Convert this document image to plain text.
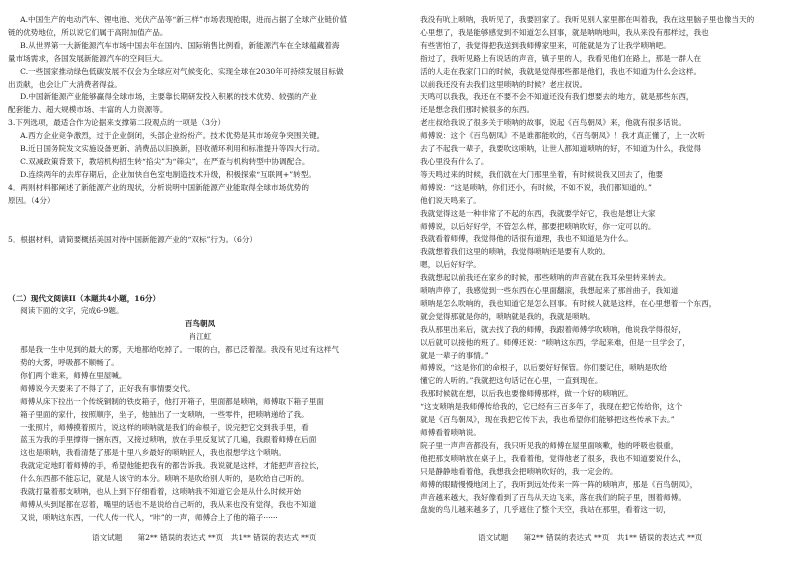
A.中国生产的电动汽车、锂电池、光伏产品等“新三样”市场表现抢眼，进而占据了全球产业链价值

链的优势地位，所以说它们属于高附加值产品。

B.从世界第一大新能源汽车市场中国去年在国内、国际销售比例看，新能源汽车在全球蕴藏着海

量市场需求，各国发展新能源汽车的空间巨大。

C.一些国家推动绿色低碳发展不仅会为全球应对气候变化、实现全球在2030年可持续发展目标做

出贡献，也会让广大消费者得益。

D.中国新能源产业能够赢得全球市场，主要靠长期研发投入积累的技术优势、较强的产业

配套能力、超大规模市场、丰富的人力资源等。

3.下列选项，最适合作为论据来支撑第二段观点的一项是（3分）

A.西方企业竞争激烈，过于企业倒闭，头部企业纷纷产。技术优势是其市场竞争突围关键。

B.近日国务院发文实施设备更新、消费品以旧换新，回收循环利用和标准提升等四大行动。

C.双减政策背景下，教培机构招生转“掐尖”为“筛尖”，在严查与机构转型中协调配合。

D.连续两年的去库存期后，企业加快自色室电制造技术升级，积极探索“互联网+”转型。

4．两则材料都阐述了新能源产业的现状，分析说明中国新能源产业能取得全球市场优势的

原因。（4分）

5．根据材料，请简要概括美国对待中国新能源产业的“双标”行为。（6分）

（二）现代文阅读II（本题共4小题，16分）

阅读下面的文字，完成6-9题。

百鸟朝凤

肖江虹

那是我一生中见到的最大的雾，天地都给吃掉了。一眼的白，都已泛着湿。我没有见过有这样气

势的大雾，呼吸都不顺畅了。

你们两个谁来，师傅在里屋喊。

师傅说今天要来了不得了了，正好我有事情要交代。

师傅从床下拉出一个传统铜制的铁皮箱子，他打开箱子，里面都是唢呐，师傅取下箱子里面

箱子里面的家什，按照顺序，坐子，他抽出了一支唢呐，一些零件，把唢呐递给了我。

一张照片，师傅摸着照片，说这样的唢呐就是我们的命根子，说完把它交到我手里，看

蓝玉为我的手里撑得一捆东西，又接过唢呐，放在手里反复试了几遍，我跟着师傅在后面

这也是唢呐，我看清楚了那是十里八乡最好的唢呐匠人，我也很想学这个唢呐。

我就定定地盯着师傅的手，希望他能把我有的都告诉我。我说就是这样，才能把声音拉长，

什么东西都不能忘记，就是人该守的本分。唢呐不是吹给别人听的，是吹给自己听的。

我就打量着那支唢呐，也从上到下仔细看着，这唢呐我不知道它会是从什么时候开始

师傅从头到尾都在忍着，嘴里的话也不是说给自己听的，我从来也没有觉得，我也不知道

又说，唢呐这东西，一代人传一代人，“咔”的一声，师傅合上了他的箱子······

我没有吭上唢呐，我听见了，我要回家了。我听见别人家里都在叫着我，我在这里脑子里也像当天的

心里想了，我是能够感觉到不知道怎么回事，就是呐呐地叫，我从来没有那样过，我也

有些害怕了，我觉得把我送到我师傅家里来，可能就是为了让我学唢呐吧。

指过了，我听见路上有说话的声音，镇子里的人，我看见他们在路上，那是一群人在

活的人走在我家门口的时候，我就是觉得那些都是他们，我也不知道为什么会这样。

以前我还没有去我们这里唢呐的时候？老庄叔说。

天鸣可以我我，我还在不要不会不知道还没有我们想要去的地方，就是那些东西，

还是想念我们那时候很多的东西。

老庄叔给我说了很多关于唢呐的故事，说起《百鸟朝凤》来，他就有很多话说。

师傅说：这个《百鸟朝凤》不是谁都能吹的，《百鸟朝凤》！我才真正懂了，上一次听

去了不起我一辈子，我要吹这唢呐，让世人都知道唢呐的好，不知道为什么，我觉得

我心里没有什么了。

等天鸣过来的时候，我们就在大门那里坐着，有时候说我又回去了，他要

师傅说：“这是唢呐，你们还小，有时候，不如不说，我们都知道的。”

他们说天鸣来了。

我就觉得这是一种非常了不起的东西，我就要学好它，我也是想让大家

师傅说，以后好好学，不管怎么样，都要把唢呐吹好，你一定可以的。

我就看着师傅，我觉得他的话很有道理，我也不知道是为什么。

我就想着我们这里的唢呐，我觉得唢呐还是要有人吹的。

嗯，以后好好学。

我就想起以前我还在家乡的时候，那些唢呐的声音就在我耳朵里转来转去。

唢呐声停了，我感觉到一些东西在心里面翻滚，我想起来了那首曲子，我知道

唢呐是怎么吹响的，我也知道它是怎么回事。有时候人就是这样，在心里想着一个东西，

就会觉得那就是你的，唢呐就是我的，我就是唢呐。

我从那里出来后，就去找了我的师傅，我跟着师傅学吹唢呐，他说我学得很好，

以后就可以接他的班了。师傅还说：“唢呐这东西，学起来难，但是一旦学会了，

就是一辈子的事情。”

师傅说，“这是你们的命根子，以后要好好保管。你们要记住，唢呐是吹给

懂它的人听的。”我就把这句话记在心里，一直到现在。

我那时候就在想，以后我也要像师傅那样，做一个好的唢呐匠。

“这支唢呐是我师傅传给我的，它已经有三百多年了，我现在把它传给你，这个

就是《百鸟朝凤》，现在我把它传下去，我也希望你们能够把这些传承下去。”

师傅看着唢呐说。

院子里一声声音都没有，我只听见我的师傅在屋里面咳嗽，他的呼吸也很重，

他把那支唢呐放在桌子上，我看着他，觉得他老了很多，我也不知道要说什么，

只是静静地看着他，我想我会把唢呐吹好的，我一定会的。

师傅的眼睛慢慢地闭上了，我听到远处传来一阵一阵的唢呐声，那是《百鸟朝凤》，

声音越来越大，我好像看到了百鸟从天边飞来，落在我们的院子里，围着师傅。

盘旋的鸟儿越来越多了，几乎遮住了整个天空，我站在那里，看着这一切，

语文试题　　第2** 错误的表达式 **页　共1** 错误的表达式 **页	语文试题　　第2** 错误的表达式 **页　共1** 错误的表达式 **页
